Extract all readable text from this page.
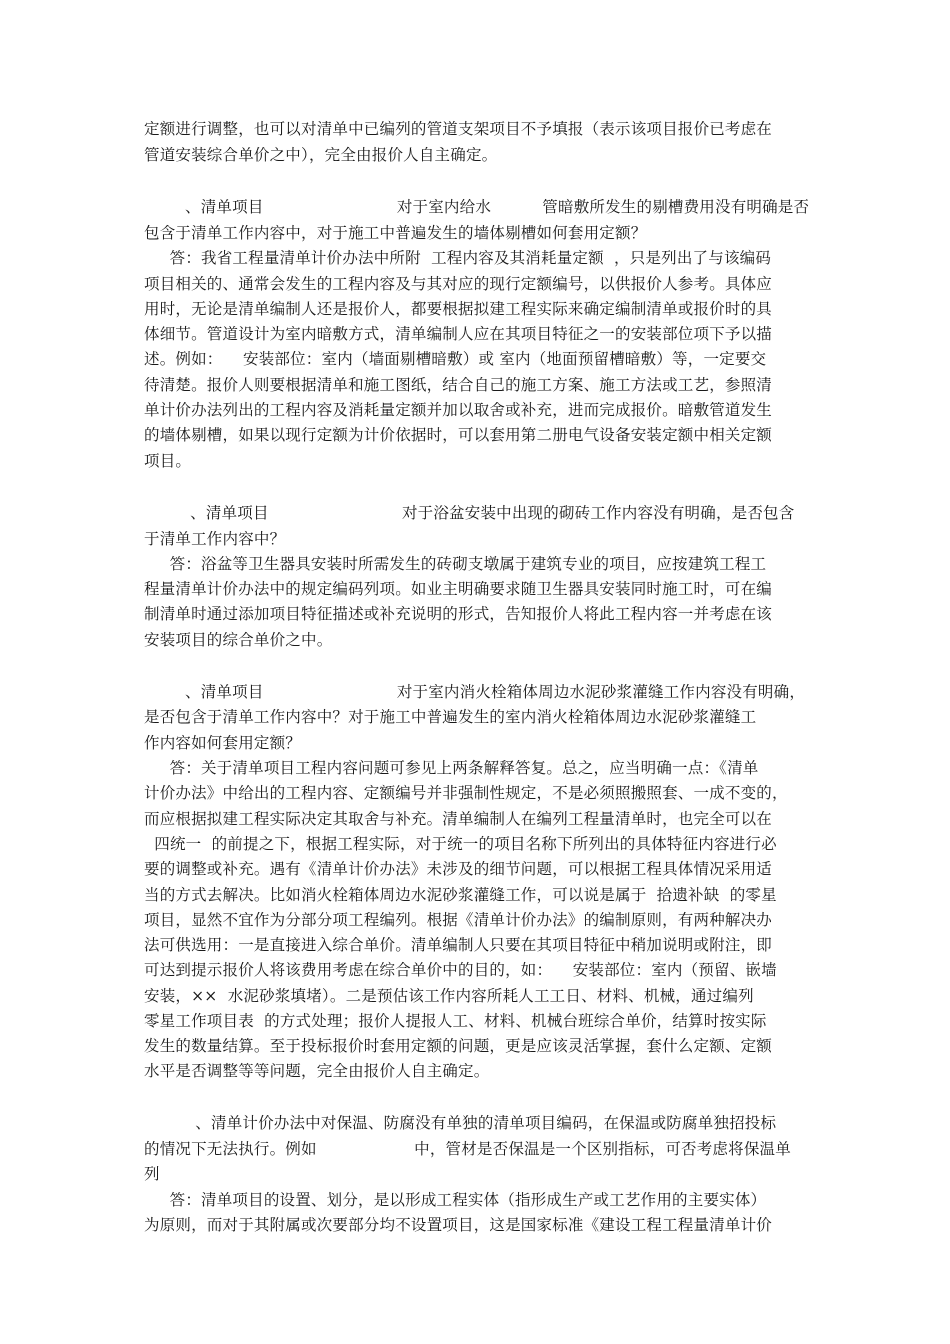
定额进行调整，也可以对清单中已编列的管道支架项目不予填报（表示该项目报价已考虑在
管道安装综合单价之中），完全由报价人自主确定。
、清单项目                          对于室内给水          管暗敷所发生的剔槽费用没有明确是否
包含于清单工作内容中，对于施工中普遍发生的墙体剔槽如何套用定额？
答：我省工程量清单计价办法中所附  工程内容及其消耗量定额  ，只是列出了与该编码
项目相关的、通常会发生的工程内容及与其对应的现行定额编号，以供报价人参考。具体应
用时，无论是清单编制人还是报价人，都要根据拟建工程实际来确定编制清单或报价时的具
体细节。管道设计为室内暗敷方式，清单编制人应在其项目特征之一的安装部位项下予以描
述。例如：    安装部位：室内（墙面剔槽暗敷）或 室内（地面预留槽暗敷）等，一定要交
待清楚。报价人则要根据清单和施工图纸，结合自己的施工方案、施工方法或工艺，参照清
单计价办法列出的工程内容及消耗量定额并加以取舍或补充，进而完成报价。暗敷管道发生
的墙体剔槽，如果以现行定额为计价依据时，可以套用第二册电气设备安装定额中相关定额
项目。
、清单项目                          对于浴盆安装中出现的砌砖工作内容没有明确，是否包含
于清单工作内容中？
答：浴盆等卫生器具安装时所需发生的砖砌支墩属于建筑专业的项目，应按建筑工程工
程量清单计价办法中的规定编码列项。如业主明确要求随卫生器具安装同时施工时，可在编
制清单时通过添加项目特征描述或补充说明的形式，告知报价人将此工程内容一并考虑在该
安装项目的综合单价之中。
、清单项目                          对于室内消火栓箱体周边水泥砂浆灌缝工作内容没有明确，
是否包含于清单工作内容中？对于施工中普遍发生的室内消火栓箱体周边水泥砂浆灌缝工
作内容如何套用定额？
答：关于清单项目工程内容问题可参见上两条解释答复。总之，应当明确一点：《清单
计价办法》中给出的工程内容、定额编号并非强制性规定，不是必须照搬照套、一成不变的，
而应根据拟建工程实际决定其取舍与补充。清单编制人在编列工程量清单时，也完全可以在
四统一  的前提之下，根据工程实际，对于统一的项目名称下所列出的具体特征内容进行必
要的调整或补充。遇有《清单计价办法》未涉及的细节问题，可以根据工程具体情况采用适
当的方式去解决。比如消火栓箱体周边水泥砂浆灌缝工作，可以说是属于  拾遗补缺  的零星
项目，显然不宜作为分部分项工程编列。根据《清单计价办法》的编制原则，有两种解决办
法可供选用：一是直接进入综合单价。清单编制人只要在其项目特征中稍加说明或附注，即
可达到提示报价人将该费用考虑在综合单价中的目的，如：    安装部位：室内（预留、嵌墙
安装，××  水泥砂浆填堵）。二是预估该工作内容所耗人工工日、材料、机械，通过编列
零星工作项目表  的方式处理；报价人提报人工、材料、机械台班综合单价，结算时按实际
发生的数量结算。至于投标报价时套用定额的问题，更是应该灵活掌握，套什么定额、定额
水平是否调整等等问题，完全由报价人自主确定。
、清单计价办法中对保温、防腐没有单独的清单项目编码，在保温或防腐单独招投标
的情况下无法执行。例如                   中，管材是否保温是一个区别指标，可否考虑将保温单
列
答：清单项目的设置、划分，是以形成工程实体（指形成生产或工艺作用的主要实体）
为原则，而对于其附属或次要部分均不设置项目，这是国家标准《建设工程工程量清单计价
